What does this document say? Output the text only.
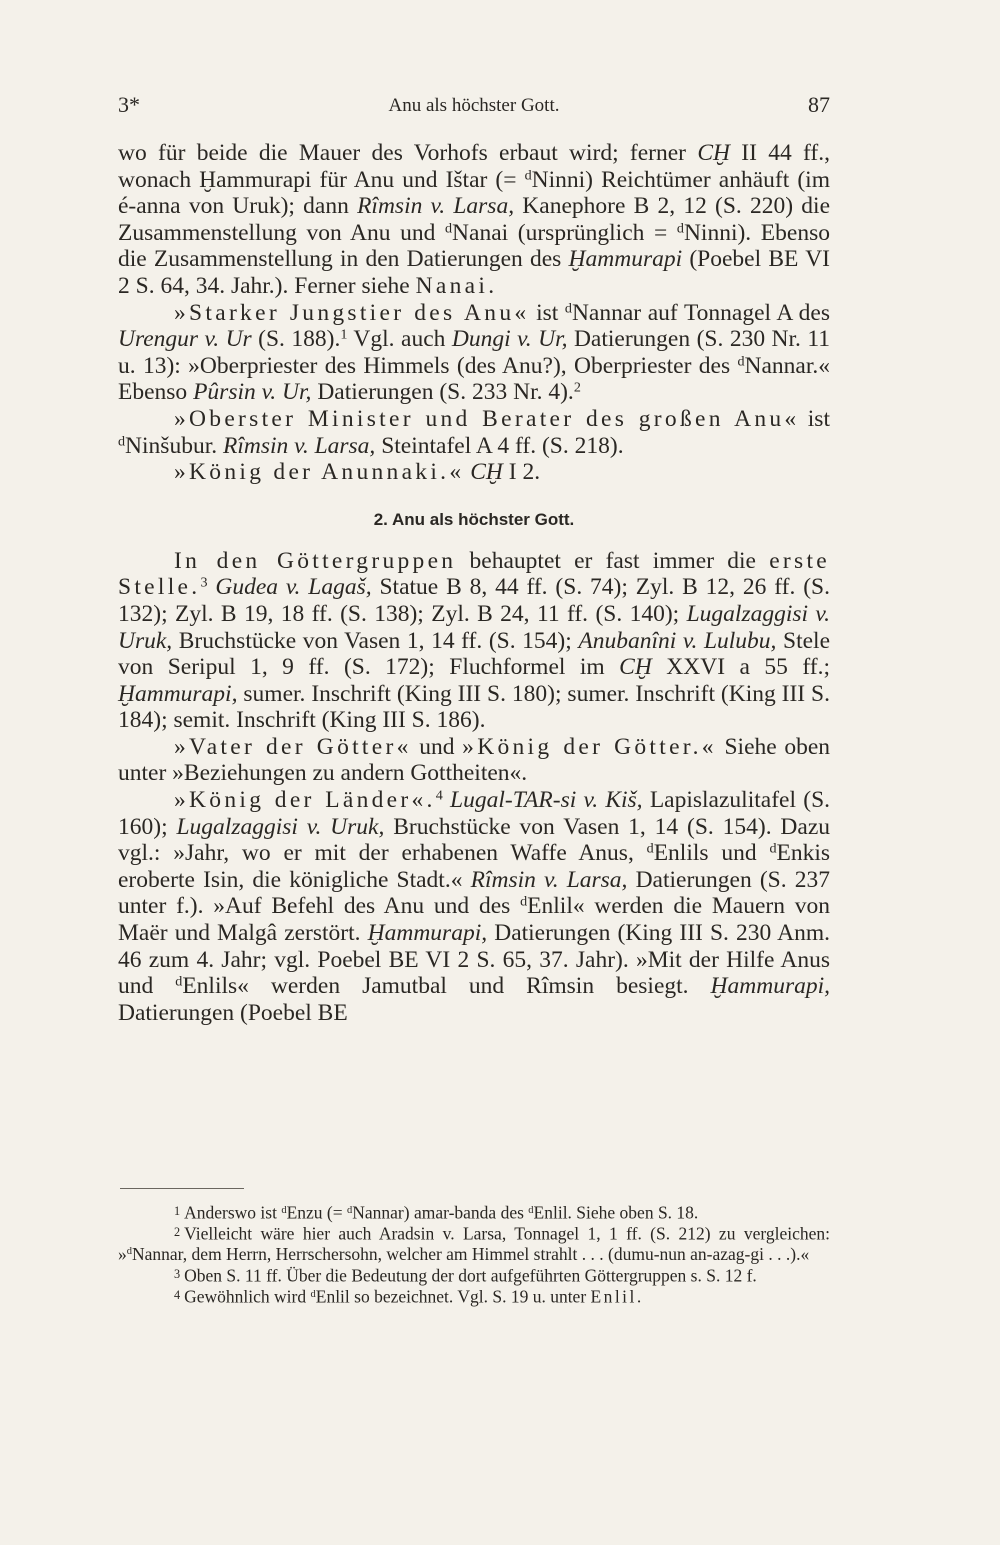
3*	Anu als höchster Gott.	87

wo für beide die Mauer des Vorhofs erbaut wird; ferner CḪ II 44 ff., wonach Ḫammurapi für Anu und Ištar (= $^d$Ninni) Reichtümer anhäuft (im é-anna von Uruk); dann Rîmsin v. Larsa, Kanephore B 2, 12 (S. 220) die Zusammenstellung von Anu und $^d$Nanai (ursprünglich = $^d$Ninni). Ebenso die Zusammenstellung in den Datierungen des Ḫammurapi (Poebel BE VI 2 S. 64, 34. Jahr.). Ferner siehe Nanai.

»Starker Jungstier des Anu« ist $^d$Nannar auf Tonnagel A des Urengur v. Ur (S. 188).$^1$ Vgl. auch Dungi v. Ur, Datierungen (S. 230 Nr. 11 u. 13): »Oberpriester des Himmels (des Anu?), Oberpriester des $^d$Nannar.« Ebenso Pûrsin v. Ur, Datierungen (S. 233 Nr. 4).$^2$

»Oberster Minister und Berater des großen Anu« ist $^d$Ninšubur. Rîmsin v. Larsa, Steintafel A 4 ff. (S. 218).

»König der Anunnaki.« CḪ I 2.

2. Anu als höchster Gott.

In den Göttergruppen behauptet er fast immer die erste Stelle.$^3$ Gudea v. Lagaš, Statue B 8, 44 ff. (S. 74); Zyl. B 12, 26 ff. (S. 132); Zyl. B 19, 18 ff. (S. 138); Zyl. B 24, 11 ff. (S. 140); Lugalzaggisi v. Uruk, Bruchstücke von Vasen 1, 14 ff. (S. 154); Anubanîni v. Lulubu, Stele von Seripul 1, 9 ff. (S. 172); Fluchformel im CḪ XXVI a 55 ff.; Ḫammurapi, sumer. Inschrift (King III S. 180); sumer. Inschrift (King III S. 184); semit. Inschrift (King III S. 186).

»Vater der Götter« und »König der Götter.« Siehe oben unter »Beziehungen zu andern Gottheiten«.

»König der Länder«.$^4$ Lugal-TAR-si v. Kiš, Lapislazulitafel (S. 160); Lugalzaggisi v. Uruk, Bruchstücke von Vasen 1, 14 (S. 154). Dazu vgl.: »Jahr, wo er mit der erhabenen Waffe Anus, $^d$Enlils und $^d$Enkis eroberte Isin, die königliche Stadt.« Rîmsin v. Larsa, Datierungen (S. 237 unter f.). »Auf Befehl des Anu und des $^d$Enlil« werden die Mauern von Maër und Malgâ zerstört. Ḫammurapi, Datierungen (King III S. 230 Anm. 46 zum 4. Jahr; vgl. Poebel BE VI 2 S. 65, 37. Jahr). »Mit der Hilfe Anus und $^d$Enlils« werden Jamutbal und Rîmsin besiegt. Ḫammurapi, Datierungen (Poebel BE

$^1$ Anderswo ist $^d$Enzu (= $^d$Nannar) amar-banda des $^d$Enlil. Siehe oben S. 18.

$^2$ Vielleicht wäre hier auch Aradsin v. Larsa, Tonnagel 1, 1 ff. (S. 212) zu vergleichen: »$^d$Nannar, dem Herrn, Herrschersohn, welcher am Himmel strahlt . . . (dumu-nun an-azag-gi . . .).«

$^3$ Oben S. 11 ff. Über die Bedeutung der dort aufgeführten Göttergruppen s. S. 12 f.

$^4$ Gewöhnlich wird $^d$Enlil so bezeichnet. Vgl. S. 19 u. unter Enlil.
